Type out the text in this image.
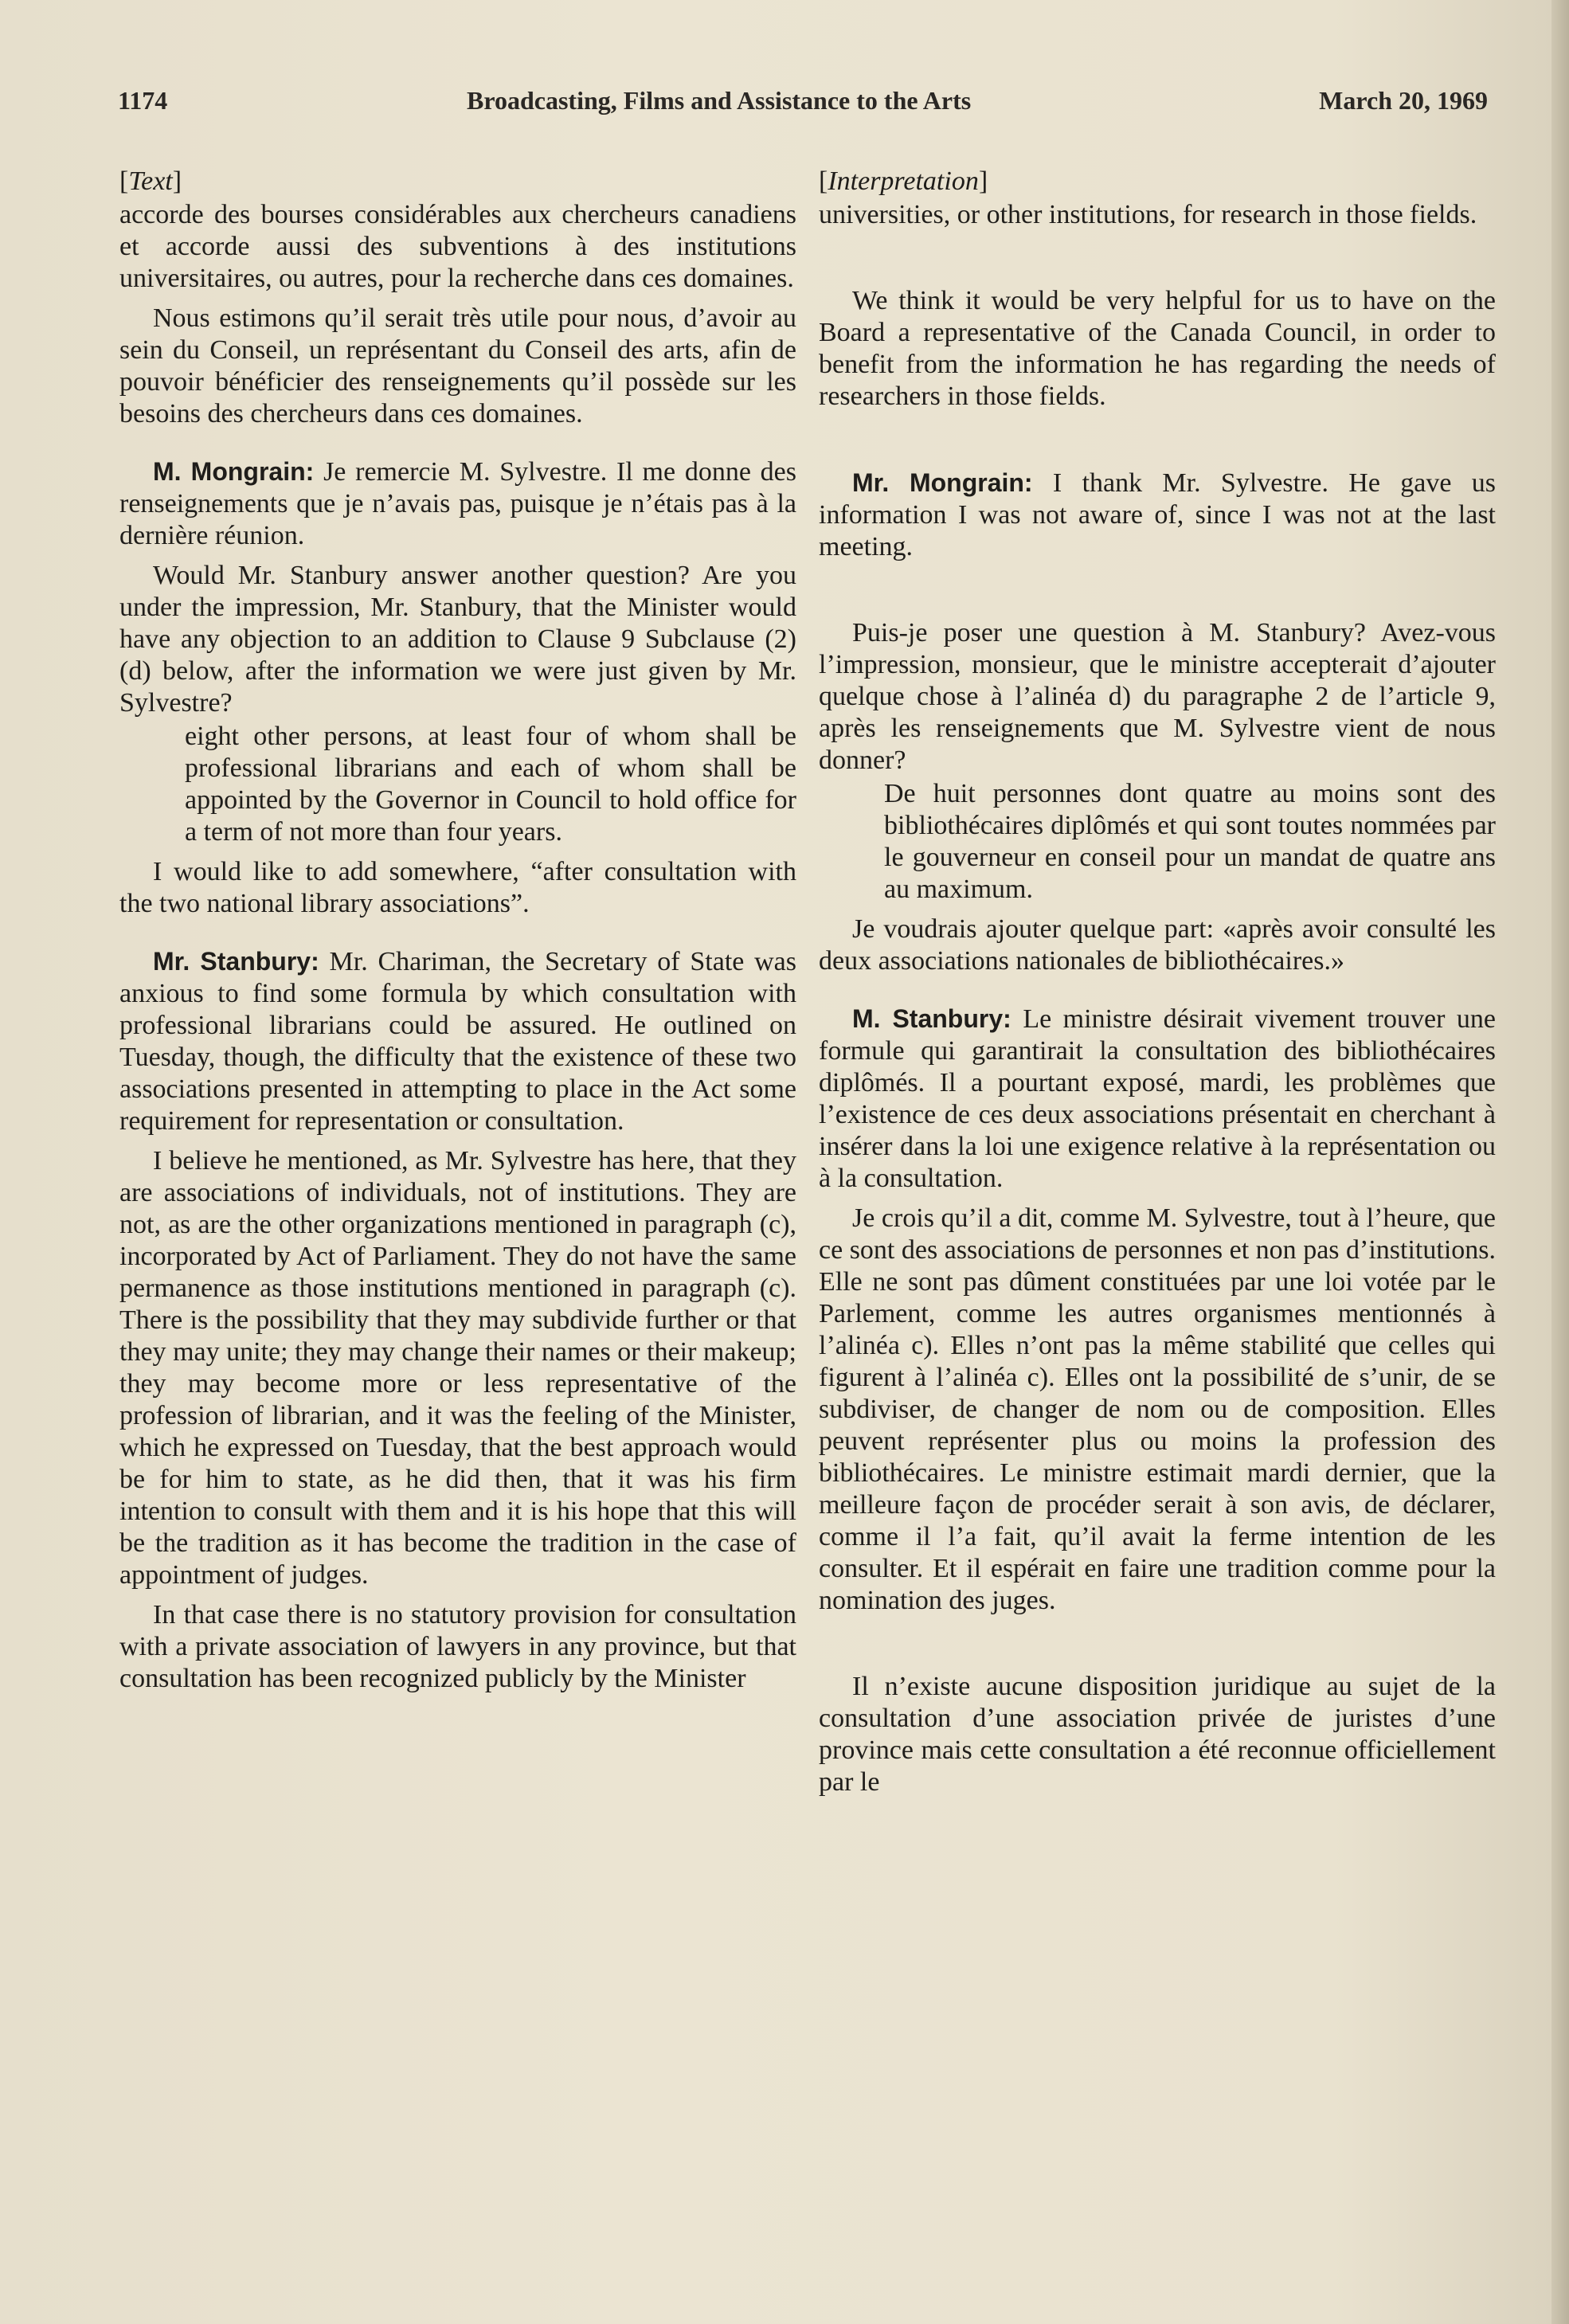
1174	Broadcasting, Films and Assistance to the Arts	March 20, 1969
[Text]

accorde des bourses considérables aux chercheurs canadiens et accorde aussi des subventions à des institutions universitaires, ou autres, pour la recherche dans ces domaines.

Nous estimons qu’il serait très utile pour nous, d’avoir au sein du Conseil, un représentant du Conseil des arts, afin de pouvoir bénéficier des renseignements qu’il possède sur les besoins des chercheurs dans ces domaines.

M. Mongrain: Je remercie M. Sylvestre. Il me donne des renseignements que je n’avais pas, puisque je n’étais pas à la dernière réunion.

Would Mr. Stanbury answer another question? Are you under the impression, Mr. Stanbury, that the Minister would have any objection to an addition to Clause 9 Subclause (2) (d) below, after the information we were just given by Mr. Sylvestre?

eight other persons, at least four of whom shall be professional librarians and each of whom shall be appointed by the Governor in Council to hold office for a term of not more than four years.

I would like to add somewhere, “after consultation with the two national library associations”.

Mr. Stanbury: Mr. Chariman, the Secretary of State was anxious to find some formula by which consultation with professional librarians could be assured. He outlined on Tuesday, though, the difficulty that the existence of these two associations presented in attempting to place in the Act some requirement for representation or consultation.

I believe he mentioned, as Mr. Sylvestre has here, that they are associations of individuals, not of institutions. They are not, as are the other organizations mentioned in paragraph (c), incorporated by Act of Parliament. They do not have the same permanence as those institutions mentioned in paragraph (c). There is the possibility that they may subdivide further or that they may unite; they may change their names or their makeup; they may become more or less representative of the profession of librarian, and it was the feeling of the Minister, which he expressed on Tuesday, that the best approach would be for him to state, as he did then, that it was his firm intention to consult with them and it is his hope that this will be the tradition as it has become the tradition in the case of appointment of judges.

In that case there is no statutory provision for consultation with a private association of lawyers in any province, but that consultation has been recognized publicly by the Minister

[Interpretation]

universities, or other institutions, for research in those fields.

We think it would be very helpful for us to have on the Board a representative of the Canada Council, in order to benefit from the information he has regarding the needs of researchers in those fields.

Mr. Mongrain: I thank Mr. Sylvestre. He gave us information I was not aware of, since I was not at the last meeting.

Puis-je poser une question à M. Stanbury? Avez-vous l’impression, monsieur, que le ministre accepterait d’ajouter quelque chose à l’alinéa d) du paragraphe 2 de l’article 9, après les renseignements que M. Sylvestre vient de nous donner?

De huit personnes dont quatre au moins sont des bibliothécaires diplômés et qui sont toutes nommées par le gouverneur en conseil pour un mandat de quatre ans au maximum.

Je voudrais ajouter quelque part: «après avoir consulté les deux associations nationales de bibliothécaires.»

M. Stanbury: Le ministre désirait vivement trouver une formule qui garantirait la consultation des bibliothécaires diplômés. Il a pourtant exposé, mardi, les problèmes que l’existence de ces deux associations présentait en cherchant à insérer dans la loi une exigence relative à la représentation ou à la consultation.

Je crois qu’il a dit, comme M. Sylvestre, tout à l’heure, que ce sont des associations de personnes et non pas d’institutions. Elle ne sont pas dûment constituées par une loi votée par le Parlement, comme les autres organismes mentionnés à l’alinéa c). Elles n’ont pas la même stabilité que celles qui figurent à l’alinéa c). Elles ont la possibilité de s’unir, de se subdiviser, de changer de nom ou de composition. Elles peuvent représenter plus ou moins la profession des bibliothécaires. Le ministre estimait mardi dernier, que la meilleure façon de procéder serait à son avis, de déclarer, comme il l’a fait, qu’il avait la ferme intention de les consulter. Et il espérait en faire une tradition comme pour la nomination des juges.

Il n’existe aucune disposition juridique au sujet de la consultation d’une association privée de juristes d’une province mais cette consultation a été reconnue officiellement par le
